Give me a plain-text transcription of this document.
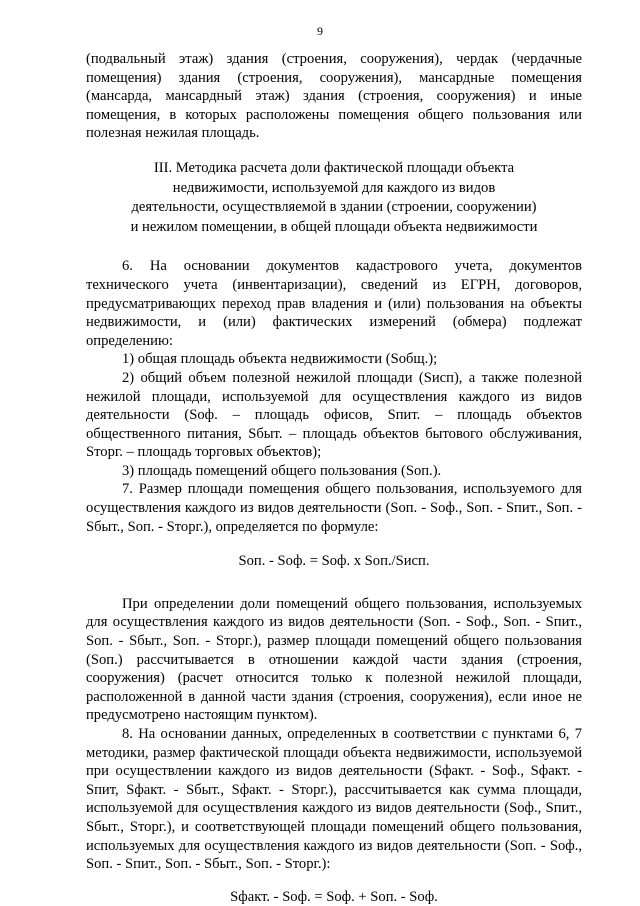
9

(подвальный этаж) здания (строения, сооружения), чердак (чердачные помещения) здания (строения, сооружения), мансардные помещения (мансарда, мансардный этаж) здания (строения, сооружения) и иные помещения, в которых расположены помещения общего пользования или полезная нежилая площадь.

III. Методика расчета доли фактической площади объекта
недвижимости, используемой для каждого из видов
деятельности, осуществляемой в здании (строении, сооружении)
и нежилом помещении, в общей площади объекта недвижимости

6. На основании документов кадастрового учета, документов технического учета (инвентаризации), сведений из ЕГРН, договоров, предусматривающих переход прав владения и (или) пользования на объекты недвижимости, и (или) фактических измерений (обмера) подлежат определению:

1) общая площадь объекта недвижимости (Sобщ.);

2) общий объем полезной нежилой площади (Sисп), а также полезной нежилой площади, используемой для осуществления каждого из видов деятельности (Sоф. – площадь офисов, Sпит. – площадь объектов общественного питания, Sбыт. – площадь объектов бытового обслуживания, Sторг. – площадь торговых объектов);

3) площадь помещений общего пользования (Sоп.).

7. Размер площади помещения общего пользования, используемого для осуществления каждого из видов деятельности (Sоп. - Sоф., Sоп. - Sпит., Sоп. - Sбыт., Sоп. - Sторг.), определяется по формуле:

Sоп. - Sоф. = Sоф. x Sоп./Sисп.

При определении доли помещений общего пользования, используемых для осуществления каждого из видов деятельности (Sоп. - Sоф., Sоп. - Sпит., Sоп. - Sбыт., Sоп. - Sторг.), размер площади помещений общего пользования (Sоп.) рассчитывается в отношении каждой части здания (строения, сооружения) (расчет относится только к полезной нежилой площади, расположенной в данной части здания (строения, сооружения), если иное не предусмотрено настоящим пунктом).

8. На основании данных, определенных в соответствии с пунктами 6, 7 методики, размер фактической площади объекта недвижимости, используемой при осуществлении каждого из видов деятельности (Sфакт. - Sоф., Sфакт. - Sпит, Sфакт. - Sбыт., Sфакт. - Sторг.), рассчитывается как сумма площади, используемой для осуществления каждого из видов деятельности (Sоф., Sпит., Sбыт., Sторг.), и соответствующей площади помещений общего пользования, используемых для осуществления каждого из видов деятельности (Sоп. - Sоф., Sоп. - Sпит., Sоп. - Sбыт., Sоп. - Sторг.):

Sфакт. - Sоф. = Sоф. + Sоп. - Sоф.
